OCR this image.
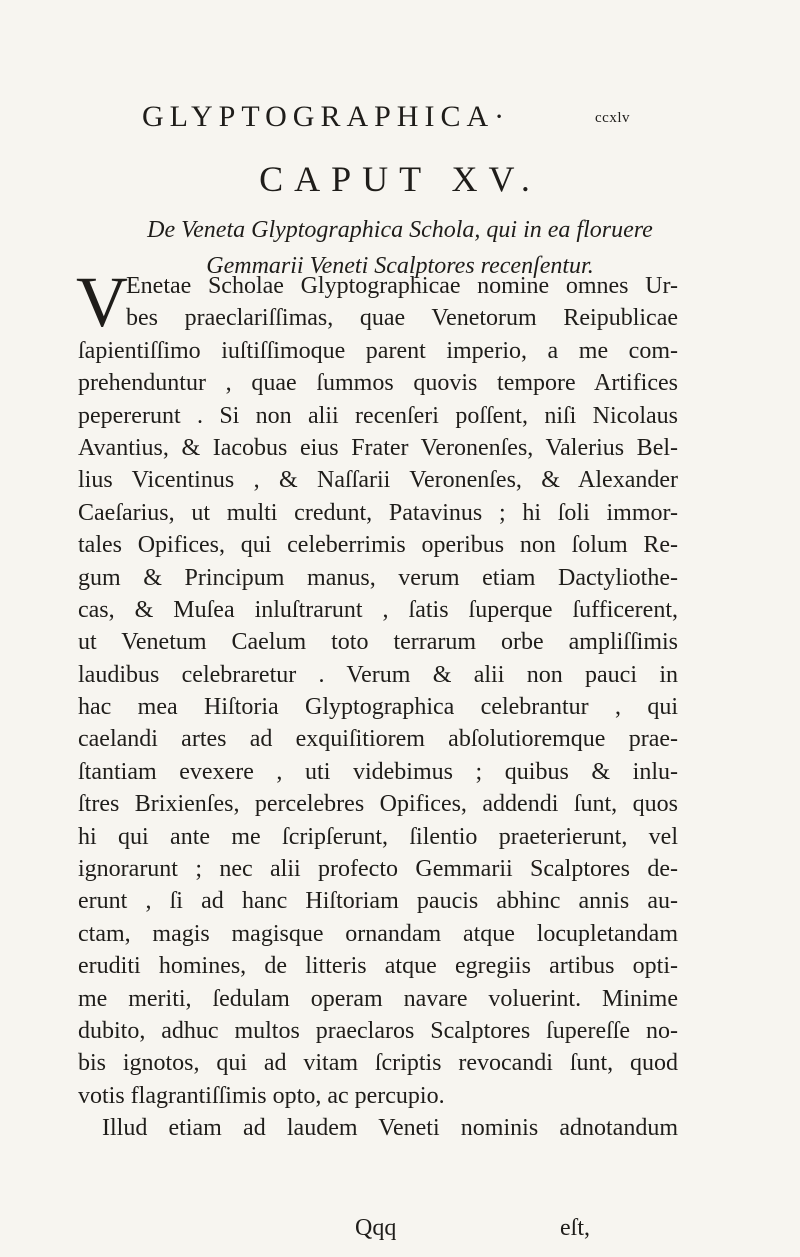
GLYPTOGRAPHICA·	ccxlv
CAPUT XV.
De Veneta Glyptographica Schola, qui in ea floruere
Gemmarii Veneti Scalptores recenſentur.
V
Enetae Scholae Glyptographicae nomine omnes Ur-
bes praeclariſſimas, quae Venetorum Reipublicae
ſapientiſſimo iuſtiſſimoque parent imperio, a me com-
prehenduntur , quae ſummos quovis tempore Artifices
pepererunt . Si non alii recenſeri poſſent, niſi Nicolaus
Avantius, & Iacobus eius Frater Veronenſes, Valerius Bel-
lius Vicentinus , & Naſſarii Veronenſes, & Alexander
Caeſarius, ut multi credunt, Patavinus ; hi ſoli immor-
tales Opifices, qui celeberrimis operibus non ſolum Re-
gum & Principum manus, verum etiam Dactyliothe-
cas, & Muſea inluſtrarunt , ſatis ſuperque ſufficerent,
ut Venetum Caelum toto terrarum orbe ampliſſimis
laudibus celebraretur . Verum & alii non pauci in
hac mea Hiſtoria Glyptographica celebrantur , qui
caelandi artes ad exquiſitiorem abſolutioremque prae-
ſtantiam evexere , uti videbimus ; quibus & inlu-
ſtres Brixienſes, percelebres Opifices, addendi ſunt, quos
hi qui ante me ſcripſerunt, ſilentio praeterierunt, vel
ignorarunt ; nec alii profecto Gemmarii Scalptores de-
erunt , ſi ad hanc Hiſtoriam paucis abhinc annis au-
ctam, magis magisque ornandam atque locupletandam
eruditi homines, de litteris atque egregiis artibus opti-
me meriti, ſedulam operam navare voluerint. Minime
dubito, adhuc multos praeclaros Scalptores ſupereſſe no-
bis ignotos, qui ad vitam ſcriptis revocandi ſunt, quod
votis flagrantiſſimis opto, ac percupio.
Illud etiam ad laudem Veneti nominis adnotandum
Qqq	eſt,
